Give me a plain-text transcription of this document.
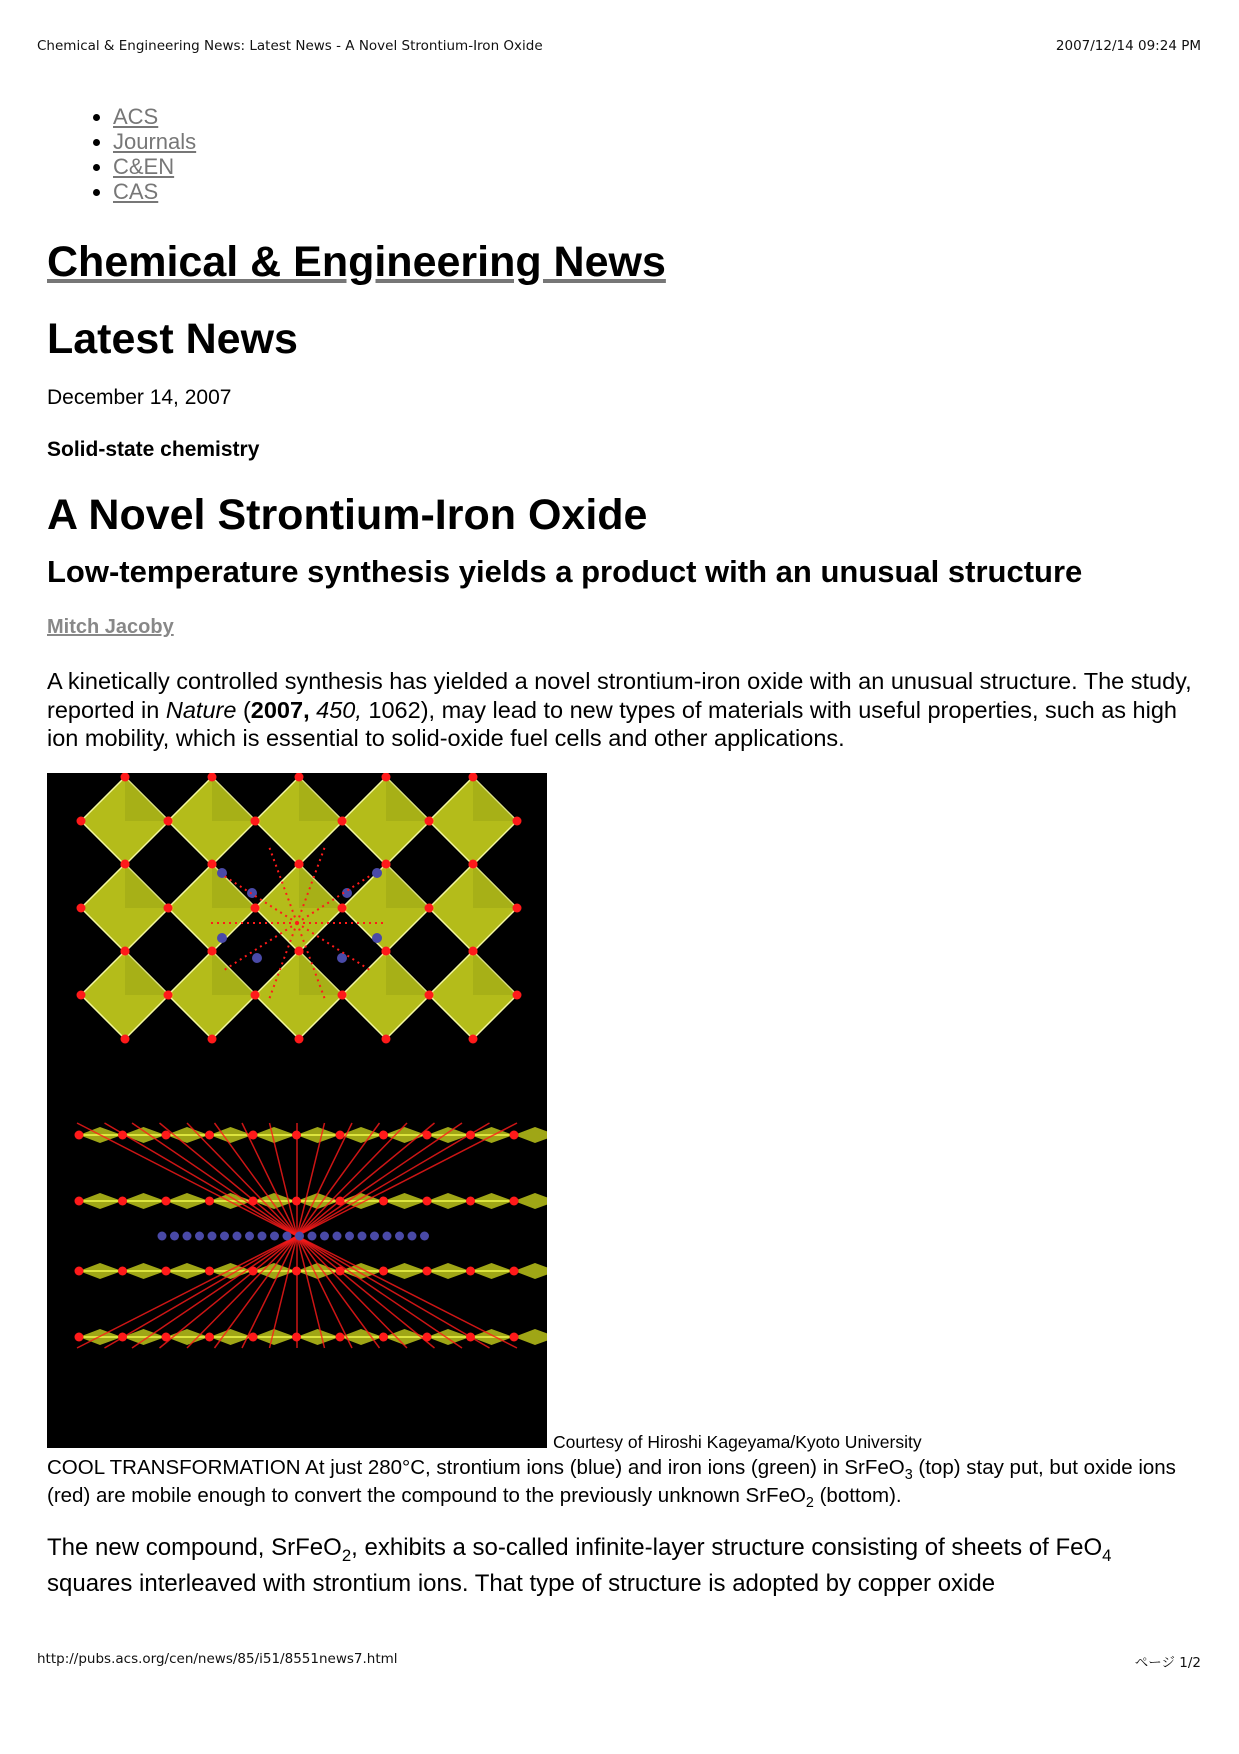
Chemical & Engineering News: Latest News - A Novel Strontium-Iron Oxide	2007/12/14 09:24 PM
• ACS
• Journals
• C&EN
• CAS
Chemical & Engineering News
Latest News
December 14, 2007
Solid-state chemistry
A Novel Strontium-Iron Oxide
Low-temperature synthesis yields a product with an unusual structure
Mitch Jacoby

A kinetically controlled synthesis has yielded a novel strontium-iron oxide with an unusual structure. The study, reported in Nature (2007, 450, 1062), may lead to new types of materials with useful properties, such as high ion mobility, which is essential to solid-oxide fuel cells and other applications.

Courtesy of Hiroshi Kageyama/Kyoto University
COOL TRANSFORMATION At just 280°C, strontium ions (blue) and iron ions (green) in SrFeO$_3$ (top) stay put, but oxide ions (red) are mobile enough to convert the compound to the previously unknown SrFeO$_2$ (bottom).

The new compound, SrFeO$_2$, exhibits a so-called infinite-layer structure consisting of sheets of FeO$_4$ squares interleaved with strontium ions. That type of structure is adopted by copper oxide

http://pubs.acs.org/cen/news/85/i51/8551news7.html	ページ 1/2
